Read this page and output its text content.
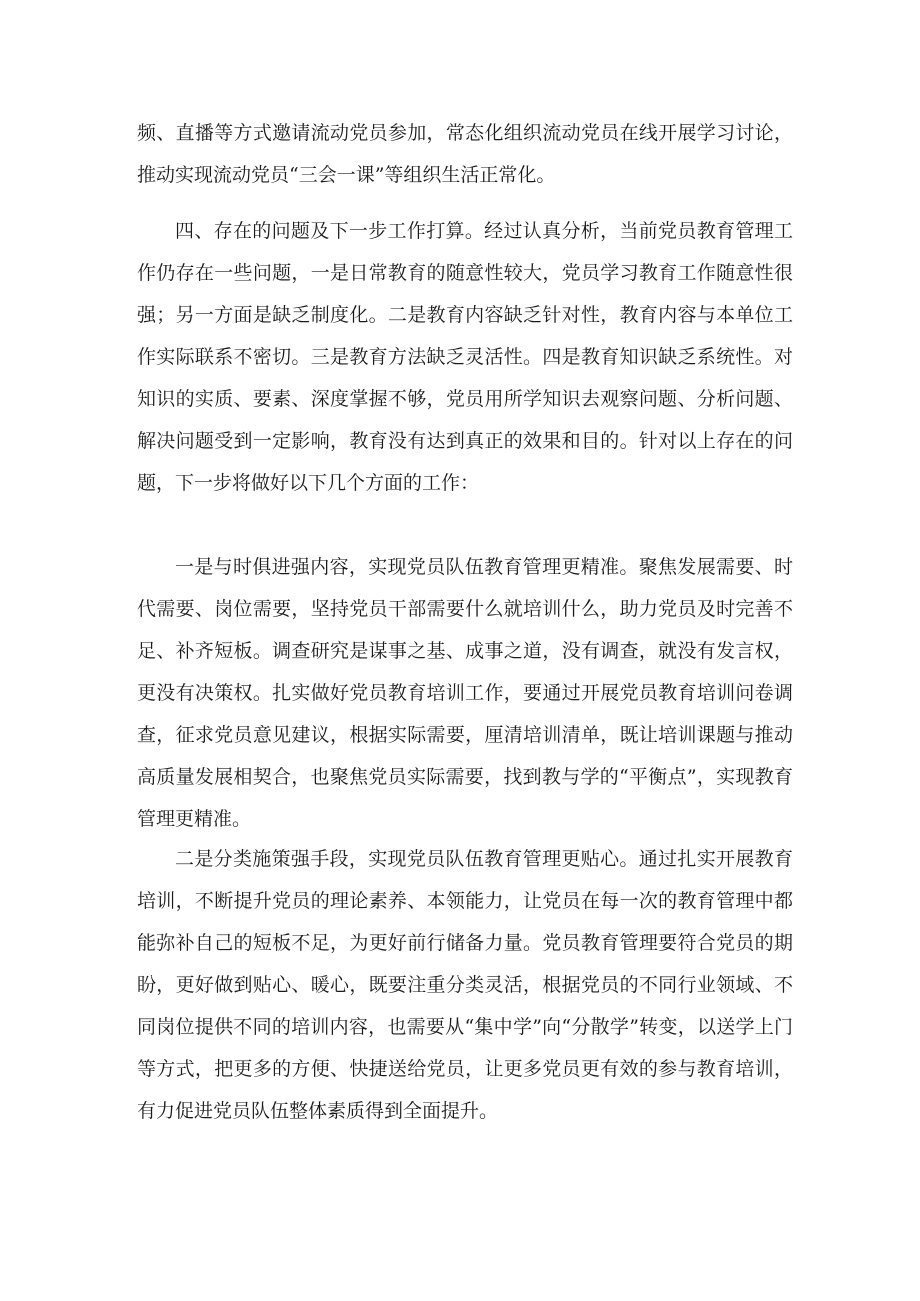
频、直播等方式邀请流动党员参加，常态化组织流动党员在线开展学习讨论，推动实现流动党员“三会一课”等组织生活正常化。

四、存在的问题及下一步工作打算。经过认真分析，当前党员教育管理工作仍存在一些问题，一是日常教育的随意性较大，党员学习教育工作随意性很强；另一方面是缺乏制度化。二是教育内容缺乏针对性，教育内容与本单位工作实际联系不密切。三是教育方法缺乏灵活性。四是教育知识缺乏系统性。对知识的实质、要素、深度掌握不够，党员用所学知识去观察问题、分析问题、解决问题受到一定影响，教育没有达到真正的效果和目的。针对以上存在的问题，下一步将做好以下几个方面的工作：

一是与时俱进强内容，实现党员队伍教育管理更精准。聚焦发展需要、时代需要、岗位需要，坚持党员干部需要什么就培训什么，助力党员及时完善不足、补齐短板。调查研究是谋事之基、成事之道，没有调查，就没有发言权，更没有决策权。扎实做好党员教育培训工作，要通过开展党员教育培训问卷调查，征求党员意见建议，根据实际需要，厘清培训清单，既让培训课题与推动高质量发展相契合，也聚焦党员实际需要，找到教与学的“平衡点”，实现教育管理更精准。

二是分类施策强手段，实现党员队伍教育管理更贴心。通过扎实开展教育培训，不断提升党员的理论素养、本领能力，让党员在每一次的教育管理中都能弥补自己的短板不足，为更好前行储备力量。党员教育管理要符合党员的期盼，更好做到贴心、暖心，既要注重分类灵活，根据党员的不同行业领域、不同岗位提供不同的培训内容，也需要从“集中学”向“分散学”转变，以送学上门等方式，把更多的方便、快捷送给党员，让更多党员更有效的参与教育培训，有力促进党员队伍整体素质得到全面提升。
